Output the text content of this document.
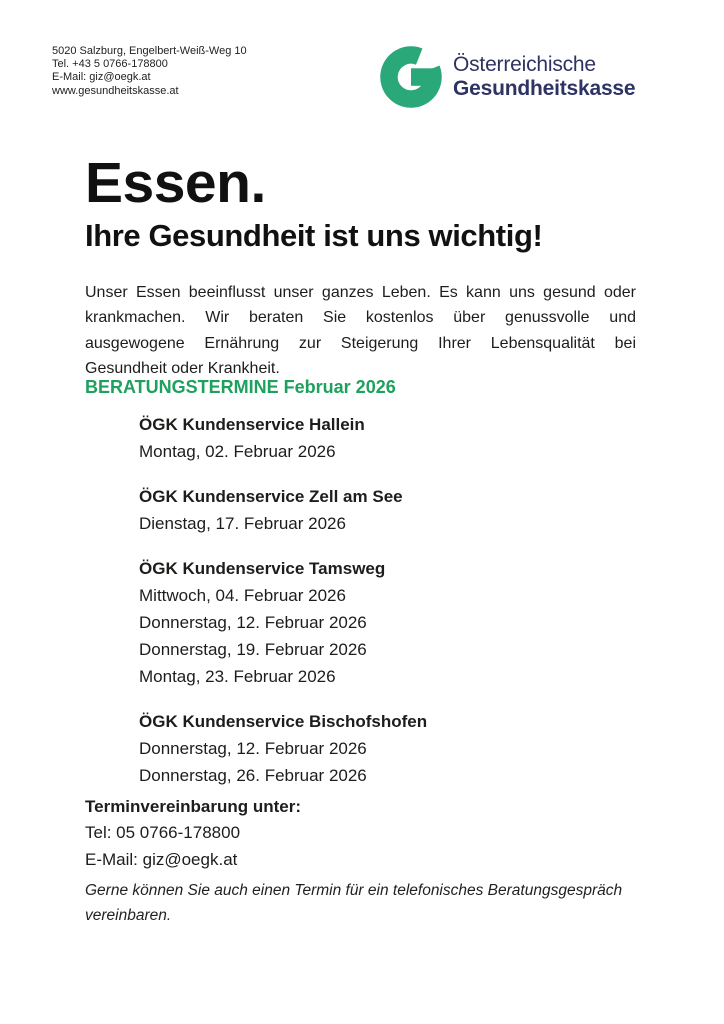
5020 Salzburg, Engelbert-Weiß-Weg 10
Tel. +43 5 0766-178800
E-Mail: giz@oegk.at
www.gesundheitskasse.at
Österreichische
Gesundheitskasse
Essen.
Ihre Gesundheit ist uns wichtig!
Unser Essen beeinflusst unser ganzes Leben. Es kann uns gesund oder
krankmachen. Wir beraten Sie kostenlos über genussvolle und
ausgewogene Ernährung zur Steigerung Ihrer Lebensqualität bei
Gesundheit oder Krankheit.
BERATUNGSTERMINE Februar 2026
ÖGK Kundenservice Hallein
Montag, 02. Februar 2026
ÖGK Kundenservice Zell am See
Dienstag, 17. Februar 2026
ÖGK Kundenservice Tamsweg
Mittwoch, 04. Februar 2026
Donnerstag, 12. Februar 2026
Donnerstag, 19. Februar 2026
Montag, 23. Februar 2026
ÖGK Kundenservice Bischofshofen
Donnerstag, 12. Februar 2026
Donnerstag, 26. Februar 2026
Terminvereinbarung unter:
Tel: 05 0766-178800
E-Mail: giz@oegk.at
Gerne können Sie auch einen Termin für ein telefonisches Beratungsgespräch vereinbaren.
